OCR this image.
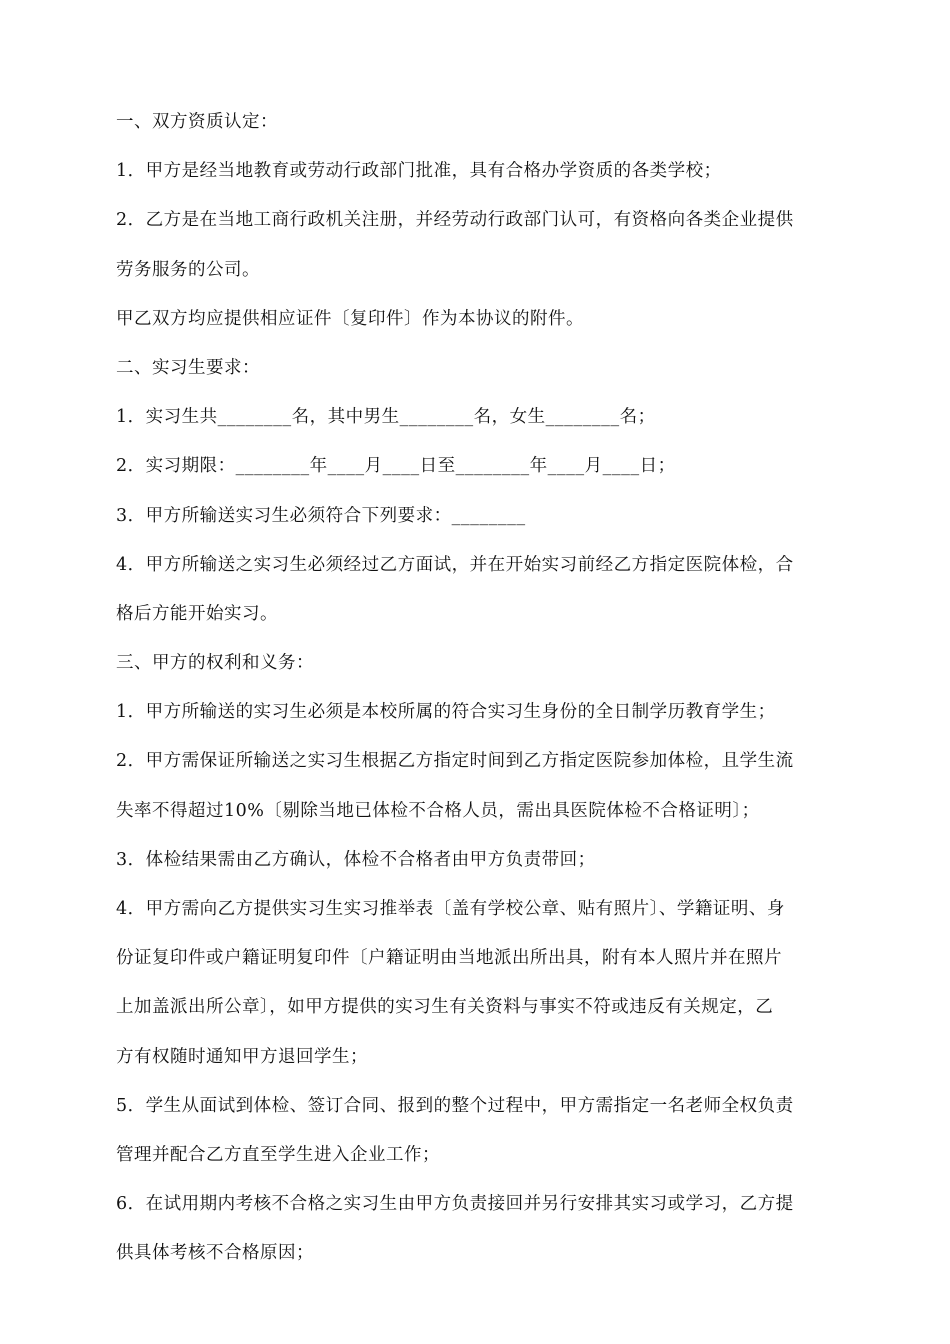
一、双方资质认定：
1．甲方是经当地教育或劳动行政部门批准，具有合格办学资质的各类学校；
2．乙方是在当地工商行政机关注册，并经劳动行政部门认可，有资格向各类企业提供
劳务服务的公司。
甲乙双方均应提供相应证件〔复印件〕作为本协议的附件。
二、实习生要求：
1．实习生共________名，其中男生________名，女生________名；
2．实习期限：________年____月____日至________年____月____日；
3．甲方所输送实习生必须符合下列要求：________
4．甲方所输送之实习生必须经过乙方面试，并在开始实习前经乙方指定医院体检，合
格后方能开始实习。
三、甲方的权利和义务：
1．甲方所输送的实习生必须是本校所属的符合实习生身份的全日制学历教育学生；
2．甲方需保证所输送之实习生根据乙方指定时间到乙方指定医院参加体检，且学生流
失率不得超过10%〔剔除当地已体检不合格人员，需出具医院体检不合格证明〕；
3．体检结果需由乙方确认，体检不合格者由甲方负责带回；
4．甲方需向乙方提供实习生实习推举表〔盖有学校公章、贴有照片〕、学籍证明、身
份证复印件或户籍证明复印件〔户籍证明由当地派出所出具，附有本人照片并在照片
上加盖派出所公章〕，如甲方提供的实习生有关资料与事实不符或违反有关规定，乙
方有权随时通知甲方退回学生；
5．学生从面试到体检、签订合同、报到的整个过程中，甲方需指定一名老师全权负责
管理并配合乙方直至学生进入企业工作；
6．在试用期内考核不合格之实习生由甲方负责接回并另行安排其实习或学习，乙方提
供具体考核不合格原因；
